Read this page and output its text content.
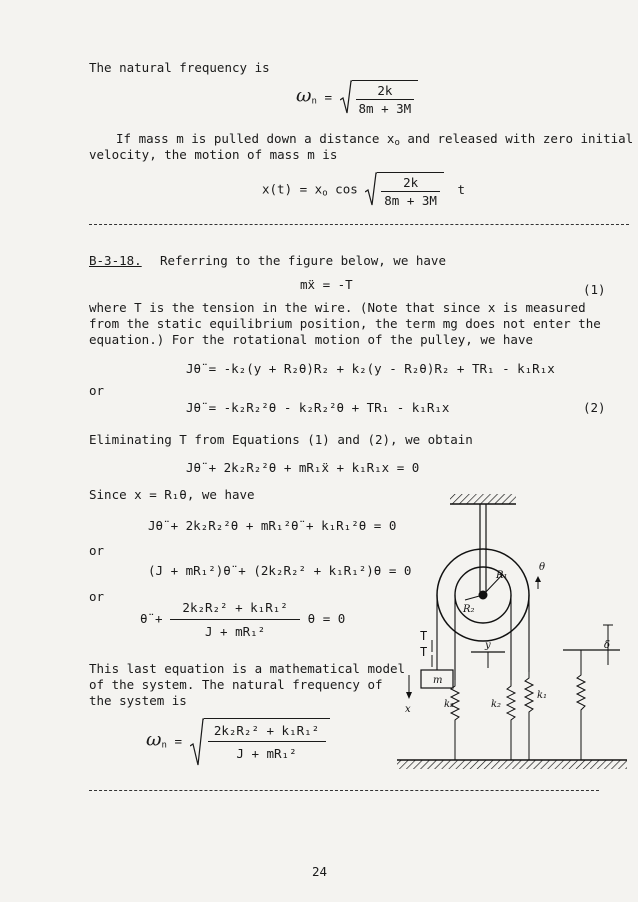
The natural frequency is
$\omega_n = \frac{2k}{8m + 3M}$
If mass m is pulled down a distance $x_o$ and released with zero initial
velocity, the motion of mass m is
$x(t) = x_o$ $\cos \frac{2k}{8m + 3M}$ t
B-3-18. Referring to the figure below, we have
mẍ = -T	(1)
where T is the tension in the wire. (Note that since x is measured
from the static equilibrium position, the term mg does not enter the
equation.) For the rotational motion of the pulley, we have
Jθ̈ = -k₂(y + R₂θ)R₂ + k₂(y - R₂θ)R₂ + TR₁ - k₁R₁x
or
Jθ̈ = -k₂R₂²θ - k₂R₂²θ + TR₁ - k₁R₁x	(2)
Eliminating T from Equations (1) and (2), we obtain
Jθ̈ + 2k₂R₂²θ + mR₁ẍ + k₁R₁x = 0
Since x = R₁θ, we have
Jθ̈ + 2k₂R₂²θ + mR₁²θ̈ + k₁R₁²θ = 0
or
(J + mR₁²)θ̈ + (2k₂R₂² + k₁R₁²)θ = 0
or
θ̈ + $\frac{\text{2k₂R₂² + k₁R₁²}}{\text{J + mR₁²}}$ θ = 0
This last equation is a mathematical model
of the system. The natural frequency of
the system is
$\omega_n = \frac{\text{2k₂R₂² + k₁R₁²}}{\text{J + mR₁²}}$
24
R₁
R₂
θ
T
T
m
x
y
k₂	k₂
k₁
δ
